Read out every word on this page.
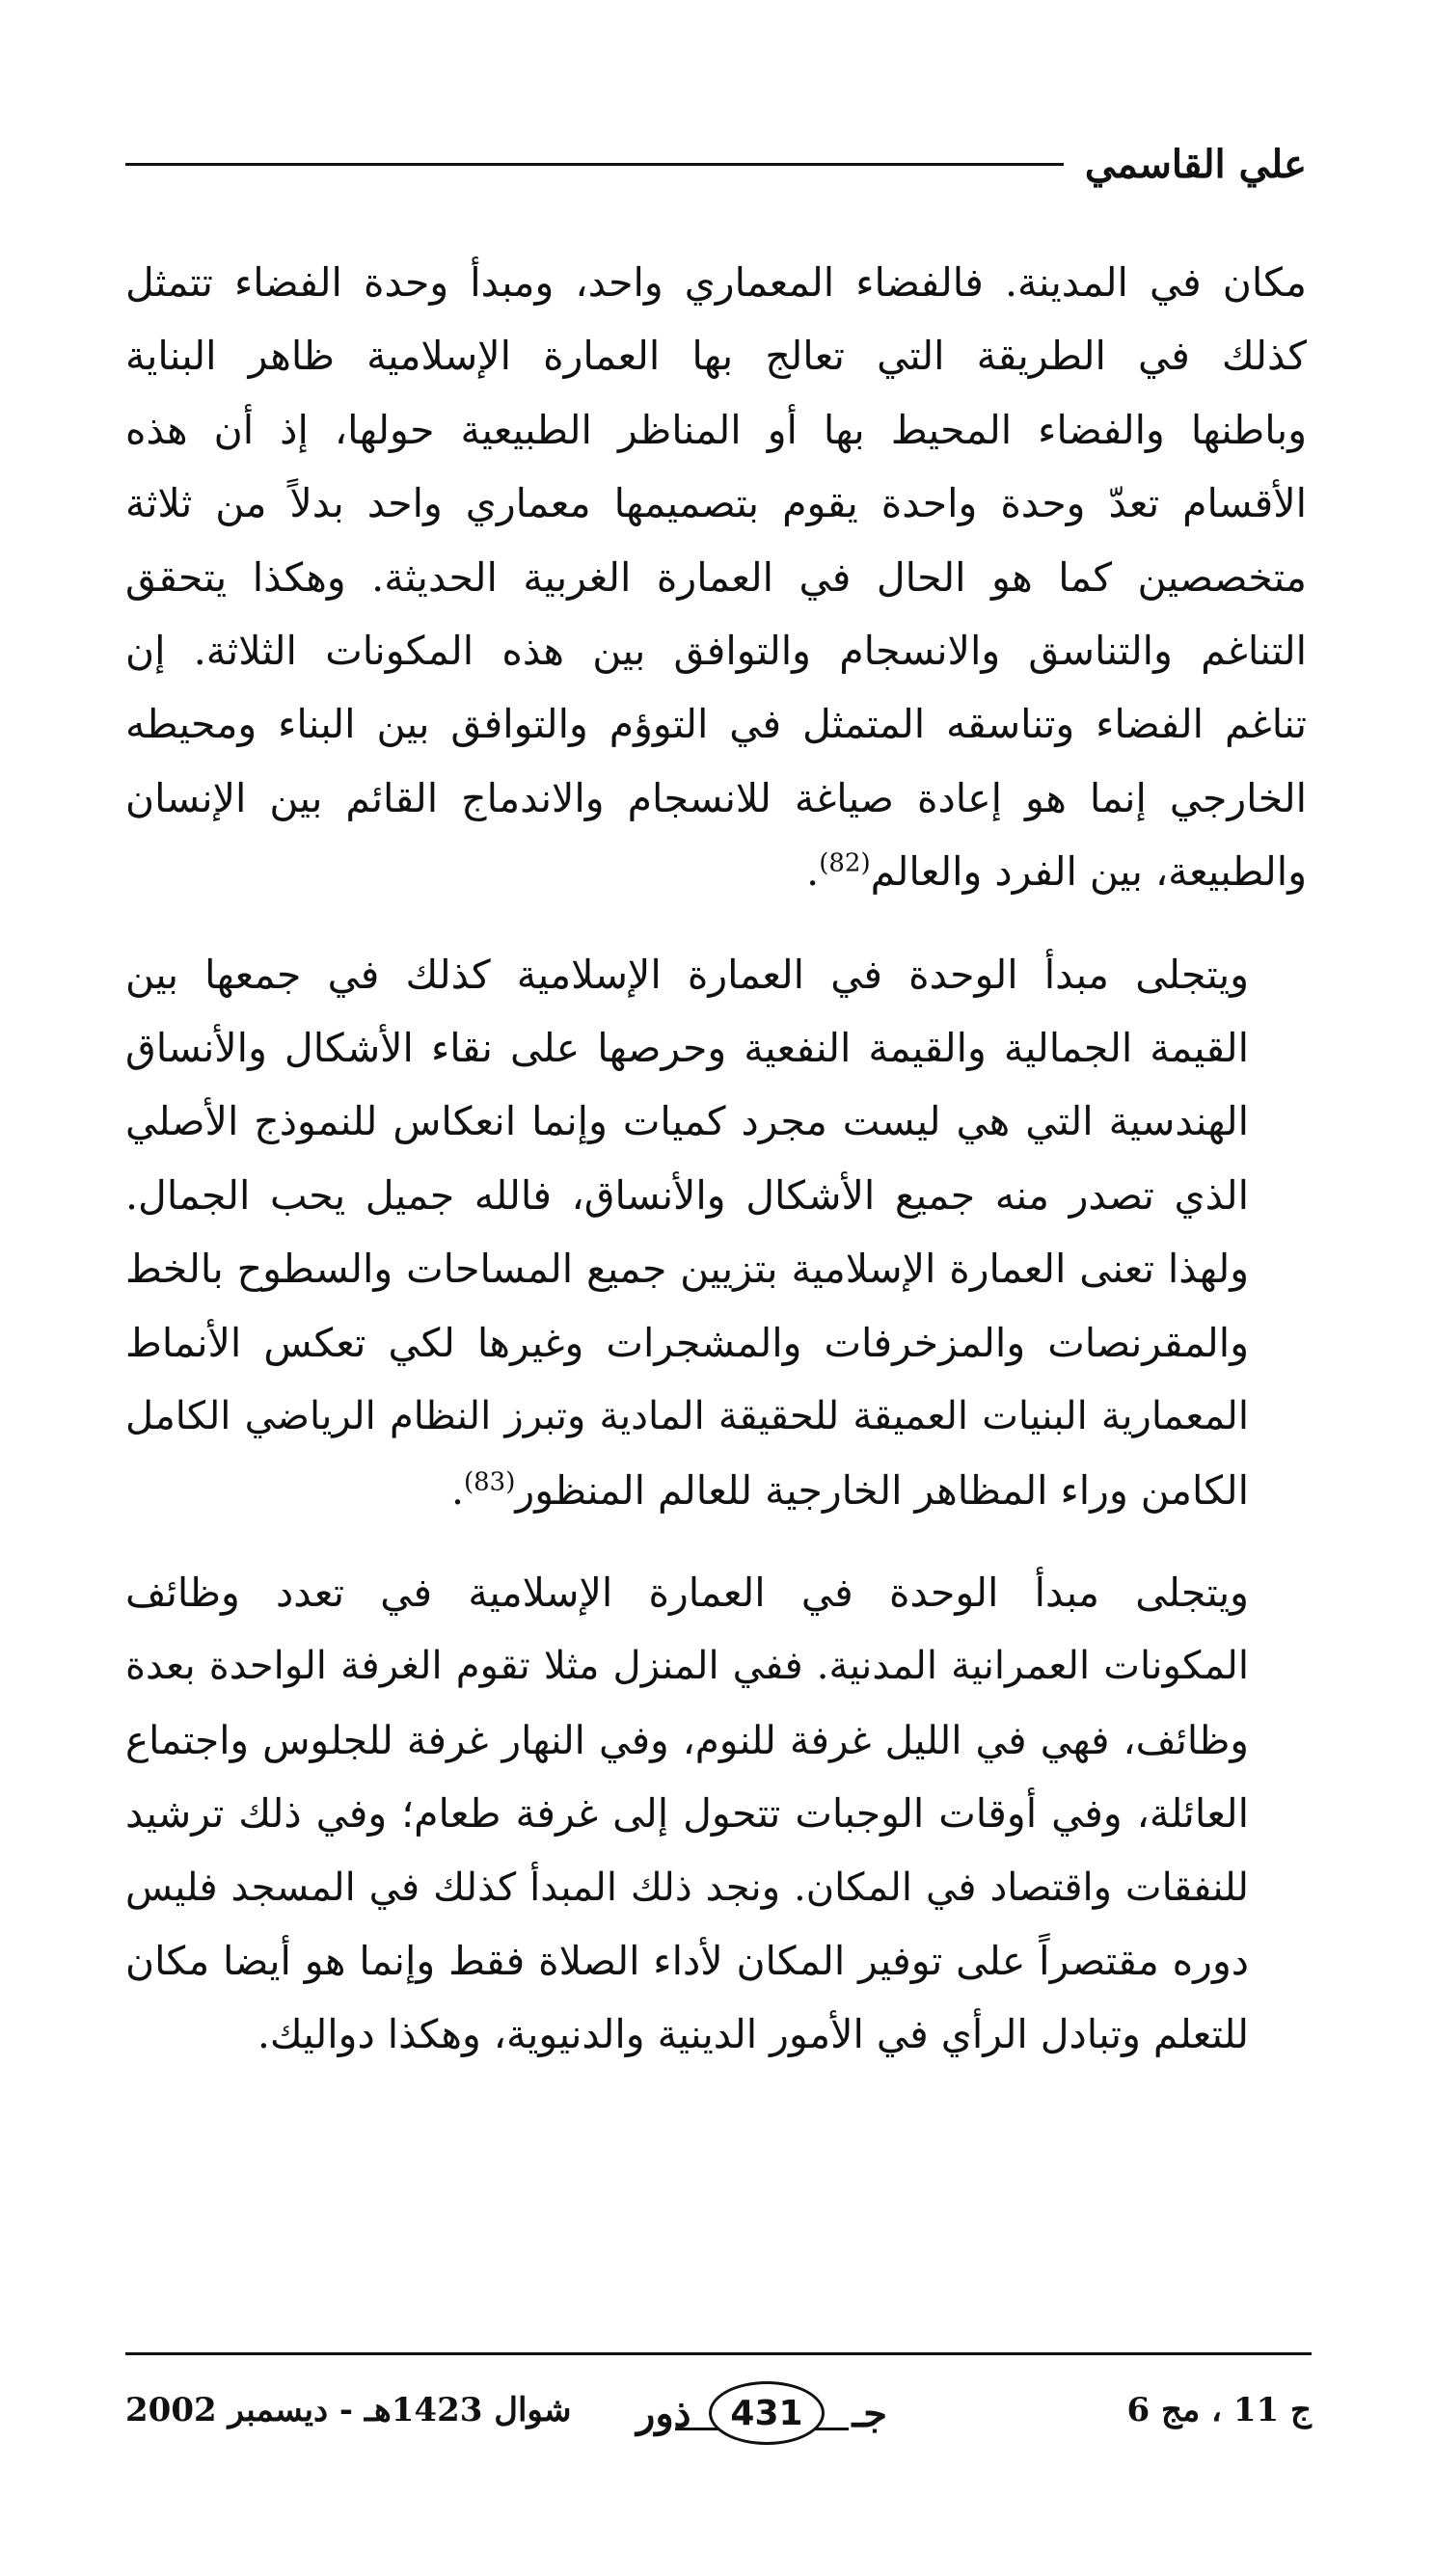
علي القاسمي

مكان في المدينة. فالفضاء المعماري واحد، ومبدأ وحدة الفضاء تتمثل
كذلك في الطريقة التي تعالج بها العمارة الإسلامية ظاهر البناية
وباطنها والفضاء المحيط بها أو المناظر الطبيعية حولها، إذ أن هذه
الأقسام تعدّ وحدة واحدة يقوم بتصميمها معماري واحد بدلاً من ثلاثة
متخصصين كما هو الحال في العمارة الغربية الحديثة. وهكذا يتحقق
التناغم والتناسق والانسجام والتوافق بين هذه المكونات الثلاثة. إن
تناغم الفضاء وتناسقه المتمثل في التوؤم والتوافق بين البناء ومحيطه
الخارجي إنما هو إعادة صياغة للانسجام والاندماج القائم بين الإنسان
والطبيعة، بين الفرد والعالم$^{(82)}$.

ويتجلى مبدأ الوحدة في العمارة الإسلامية كذلك في جمعها بين
القيمة الجمالية والقيمة النفعية وحرصها على نقاء الأشكال والأنساق
الهندسية التي هي ليست مجرد كميات وإنما انعكاس للنموذج الأصلي
الذي تصدر منه جميع الأشكال والأنساق، فالله جميل يحب الجمال.
ولهذا تعنى العمارة الإسلامية بتزيين جميع المساحات والسطوح بالخط
والمقرنصات والمزخرفات والمشجرات وغيرها لكي تعكس الأنماط
المعمارية البنيات العميقة للحقيقة المادية وتبرز النظام الرياضي الكامل
الكامن وراء المظاهر الخارجية للعالم المنظور$^{(83)}$.

ويتجلى مبدأ الوحدة في العمارة الإسلامية في تعدد وظائف
المكونات العمرانية المدنية. ففي المنزل مثلا تقوم الغرفة الواحدة بعدة
وظائف، فهي في الليل غرفة للنوم، وفي النهار غرفة للجلوس واجتماع
العائلة، وفي أوقات الوجبات تتحول إلى غرفة طعام؛ وفي ذلك ترشيد
للنفقات واقتصاد في المكان. ونجد ذلك المبدأ كذلك في المسجد فليس
دوره مقتصراً على توفير المكان لأداء الصلاة فقط وإنما هو أيضا مكان
للتعلم وتبادل الرأي في الأمور الدينية والدنيوية، وهكذا دواليك.

ج 11 ، مج 6
جـ
431
ذور
شوال 1423هـ - ديسمبر 2002
